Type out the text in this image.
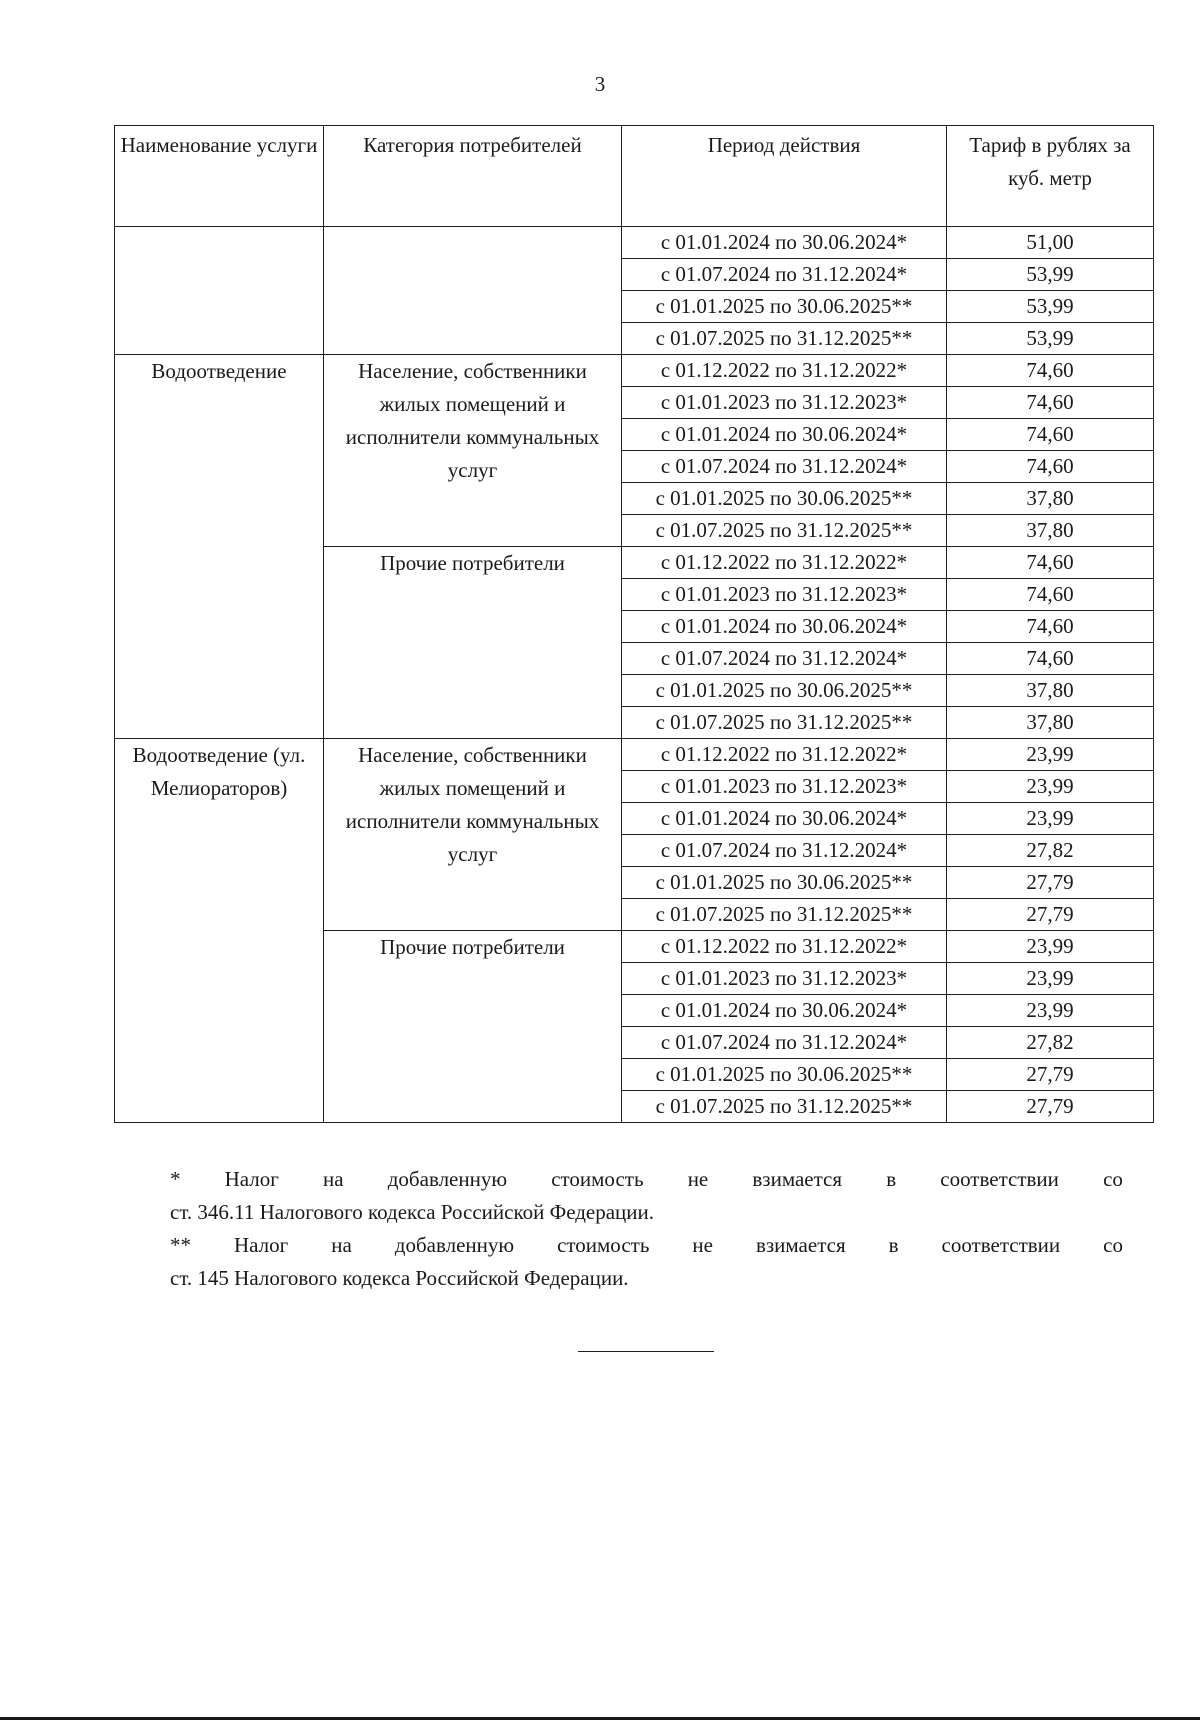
3
Наименование услуги	Категория потребителей	Период действия	Тариф в рублях за куб. метр
		с 01.01.2024 по 30.06.2024*	51,00
		с 01.07.2024 по 31.12.2024*	53,99
		с 01.01.2025 по 30.06.2025**	53,99
		с 01.07.2025 по 31.12.2025**	53,99
Водоотведение	Население, собственники жилых помещений и исполнители коммунальных услуг	с 01.12.2022 по 31.12.2022*	74,60
		с 01.01.2023 по 31.12.2023*	74,60
		с 01.01.2024 по 30.06.2024*	74,60
		с 01.07.2024 по 31.12.2024*	74,60
		с 01.01.2025 по 30.06.2025**	37,80
		с 01.07.2025 по 31.12.2025**	37,80
	Прочие потребители	с 01.12.2022 по 31.12.2022*	74,60
		с 01.01.2023 по 31.12.2023*	74,60
		с 01.01.2024 по 30.06.2024*	74,60
		с 01.07.2024 по 31.12.2024*	74,60
		с 01.01.2025 по 30.06.2025**	37,80
		с 01.07.2025 по 31.12.2025**	37,80
Водоотведение (ул. Мелиораторов)	Население, собственники жилых помещений и исполнители коммунальных услуг	с 01.12.2022 по 31.12.2022*	23,99
		с 01.01.2023 по 31.12.2023*	23,99
		с 01.01.2024 по 30.06.2024*	23,99
		с 01.07.2024 по 31.12.2024*	27,82
		с 01.01.2025 по 30.06.2025**	27,79
		с 01.07.2025 по 31.12.2025**	27,79
	Прочие потребители	с 01.12.2022 по 31.12.2022*	23,99
		с 01.01.2023 по 31.12.2023*	23,99
		с 01.01.2024 по 30.06.2024*	23,99
		с 01.07.2024 по 31.12.2024*	27,82
		с 01.01.2025 по 30.06.2025**	27,79
		с 01.07.2025 по 31.12.2025**	27,79
* Налог на добавленную стоимость не взимается в соответствии со
ст. 346.11 Налогового кодекса Российской Федерации.
** Налог на добавленную стоимость не взимается в соответствии со
ст. 145 Налогового кодекса Российской Федерации.
